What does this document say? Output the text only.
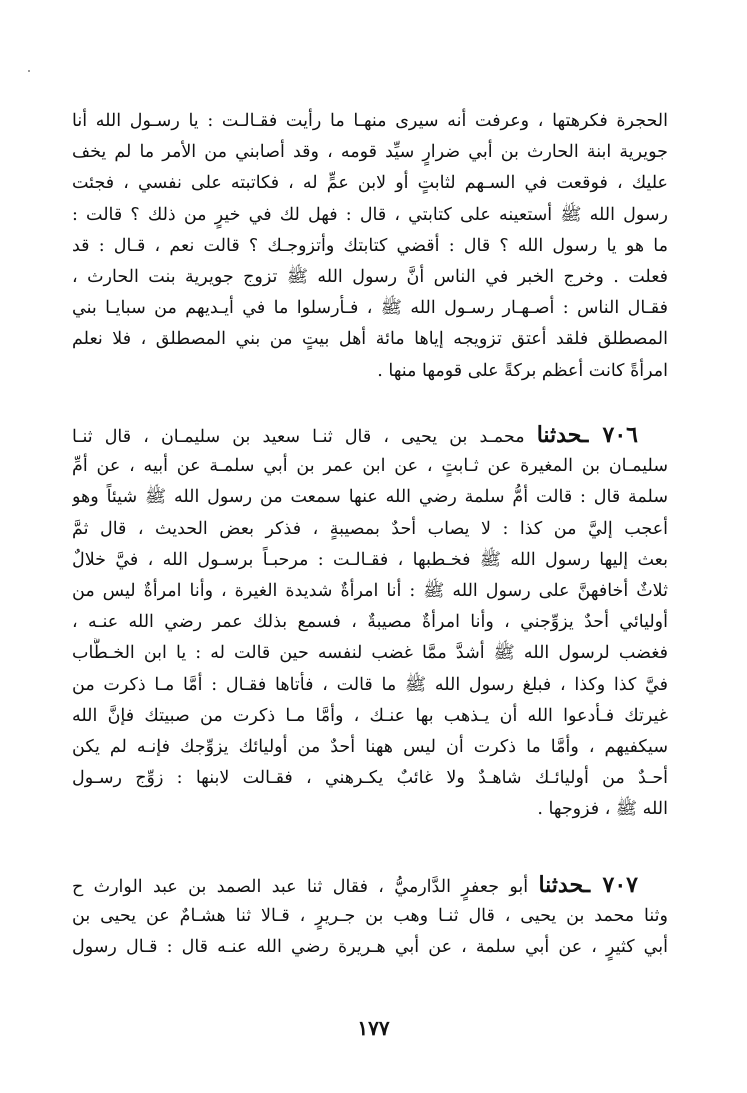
الحجرة فكرهتها ، وعرفت أنه سيرى منهـا ما رأيت فقـالـت : يا رسـول الله أنا
جويرية ابنة الحارث بن أبي ضرارٍ سيِّد قومه ، وقد أصابني من الأمر ما لم يخف
عليك ، فوقعت في السـهم لثابتٍ أو لابن عمٍّ له ، فكاتبته على نفسي ، فجئت
رسول الله ﷺ أستعينه على كتابتي ، قال : فهل لك في خيرٍ من ذلك ؟ قالت :
ما هو يا رسول الله ؟ قال : أقضي كتابتك وأتزوجـك ؟ قالت نعم ، قـال : قد
فعلت . وخرج الخبر في الناس أنَّ رسول الله ﷺ تزوج جويرية بنت الحارث ،
فقـال الناس : أصـهـار رسـول الله ﷺ ، فـأرسلوا ما في أيـديهم من سبايـا بني
المصطلق فلقد أعتق تزويجه إياها مائة أهل بيتٍ من بني المصطلق ، فلا نعلم
امرأةً كانت أعظم بركةً على قومها منها .
٧٠٦ ـحدثنا محمـد بن يحيى ، قال ثنـا سعيد بن سليمـان ، قال ثنـا
سليمـان بن المغيرة عن ثـابتٍ ، عن ابن عمر بن أبي سلمـة عن أبيه ، عن أمِّ
سلمة قال : قالت أمُّ سلمة رضي الله عنها سمعت من رسول الله ﷺ شيئاً وهو
أعجب إليَّ من كذا : لا يصاب أحدٌ بمصيبةٍ ، فذكر بعض الحديث ، قال ثمَّ
بعث إليها رسول الله ﷺ فخـطبها ، فقـالـت : مرحبـاً برسـول الله ، فيَّ خلالٌ
ثلاثٌ أخافهنَّ على رسول الله ﷺ : أنا امرأةٌ شديدة الغيرة ، وأنا امرأةٌ ليس من
أوليائي أحدٌ يزوِّجني ، وأنا امرأةٌ مصيبةٌ ، فسمع بذلك عمر رضي الله عنـه ،
فغضب لرسول الله ﷺ أشدَّ ممَّا غضب لنفسه حين قالت له : يا ابن الخـطَّاب
فيَّ كذا وكذا ، فبلغ رسول الله ﷺ ما قالت ، فأتاها فقـال : أمَّا مـا ذكرت من
غيرتك فـأدعوا الله أن يـذهب بها عنـك ، وأمَّا مـا ذكرت من صبيتك فإنَّ الله
سيكفيهم ، وأمَّا ما ذكرت أن ليس ههنا أحدٌ من أوليائك يزوِّجك فإنـه لم يكن
أحـدٌ من أوليائـك شاهـدٌ ولا غائبٌ يكـرهني ، فقـالت لابنها : زوِّج رسـول
الله ﷺ ، فزوجها .
٧٠٧ ـحدثنا أبو جعفرٍ الدَّارميُّ ، فقال ثنا عبد الصمد بن عبد الوارث ح
وثنا محمد بن يحيى ، قال ثنـا وهب بن جـريرٍ ، قـالا ثنا هشـامٌ عن يحيى بن
أبي كثيرٍ ، عن أبي سلمة ، عن أبي هـريرة رضي الله عنـه قال : قـال رسول
١٧٧
